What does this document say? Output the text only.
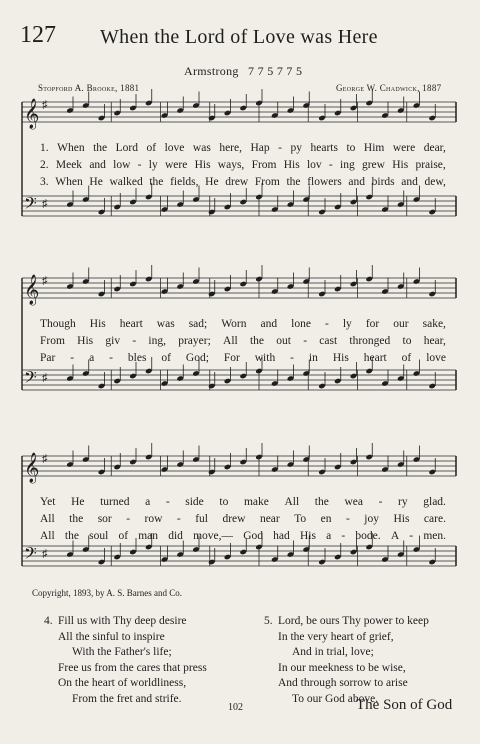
127 When the Lord of Love was Here
Armstrong 7 7 5 7 7 5
Stopford A. Brooke, 1881	George W. Chadwick, 1887
𝄞 ♯
𝄢 ♯
𝄞 ♯
𝄢 ♯
𝄞 ♯
𝄢 ♯
1. When the Lord of love was here, Hap - py hearts to Him were dear,
2. Meek and low - ly were His ways, From His lov - ing grew His praise,
3. When He walked the fields, He drew From the flowers and birds and dew,
Though His heart was sad; Worn and lone - ly for our sake,
From His giv - ing, prayer; All the out - cast thronged to hear,
Par - a - bles of God; For with - in His heart of love
Yet He turned a - side to make All the wea - ry glad.
All the sor - row - ful drew near To en - joy His care.
All the soul of man did move,— God had His a - bode. A - men.
Copyright, 1893, by A. S. Barnes and Co.
4. Fill us with Thy deep desire
All the sinful to inspire
With the Father's life;
Free us from the cares that press
On the heart of worldliness,
From the fret and strife.
5. Lord, be ours Thy power to keep
In the very heart of grief,
And in trial, love;
In our meekness to be wise,
And through sorrow to arise
To our God above.
102	The Son of God
